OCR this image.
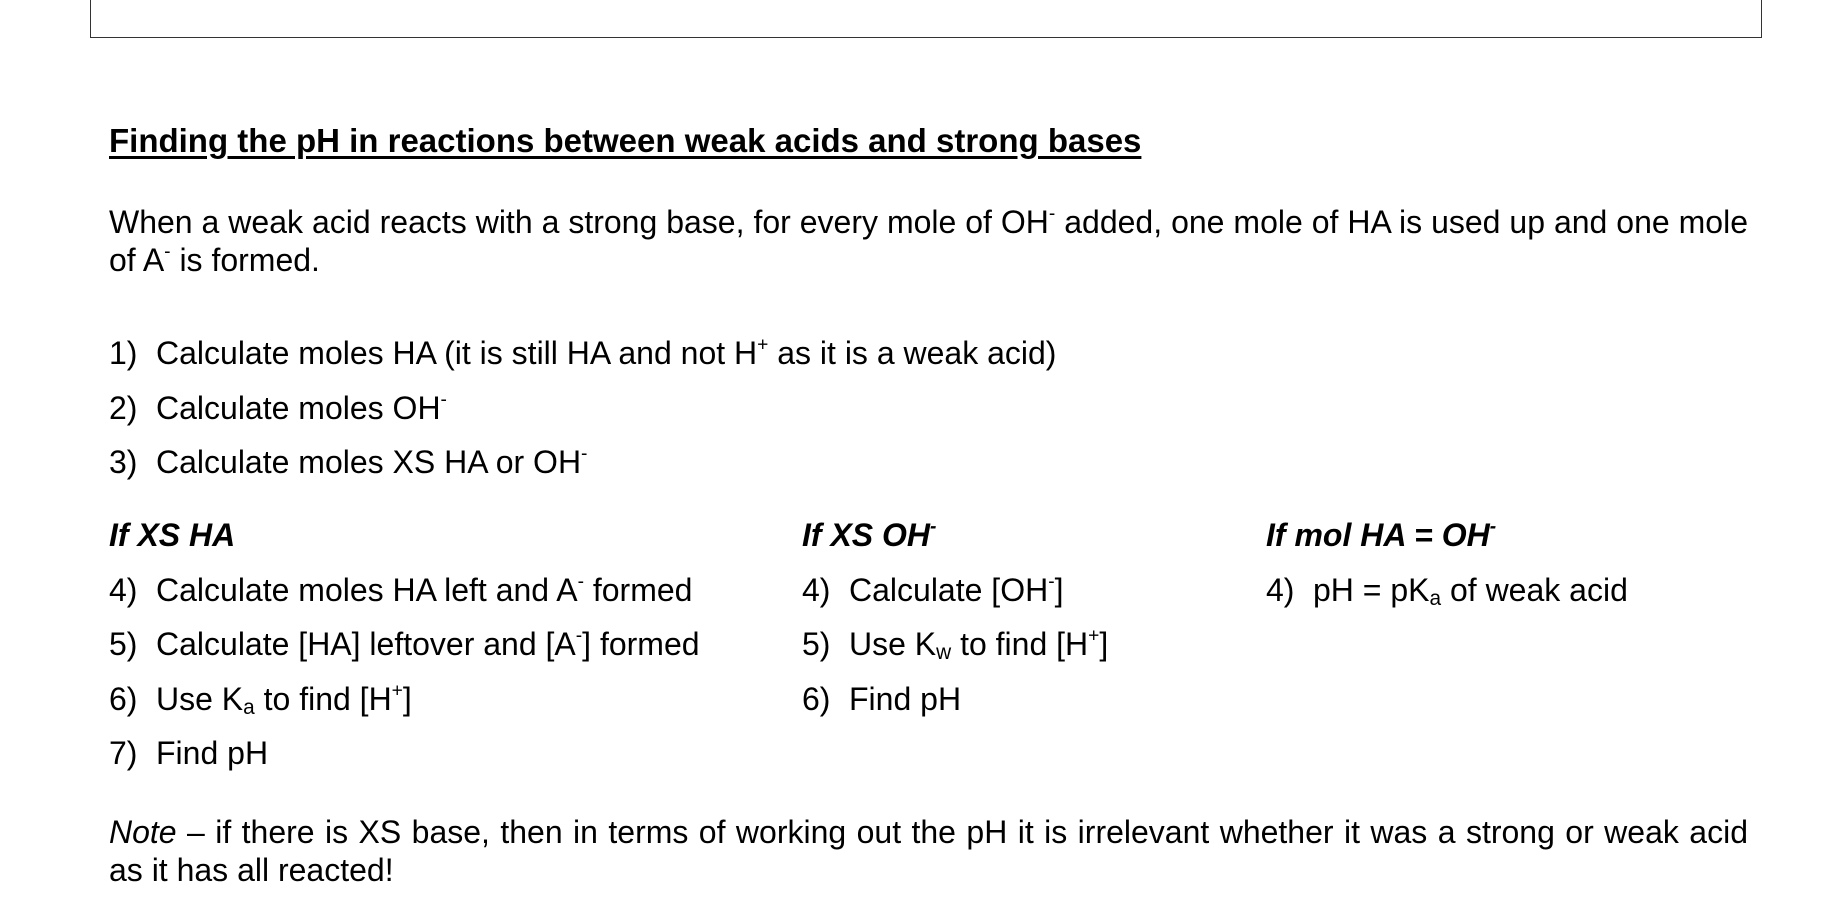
Finding the pH in reactions between weak acids and strong bases

When a weak acid reacts with a strong base, for every mole of OH- added, one mole of HA is used up and one mole of A- is formed.

1) Calculate moles HA (it is still HA and not H+ as it is a weak acid)
2) Calculate moles OH-
3) Calculate moles XS HA or OH-
If XS HA	If XS OH-	If mol HA = OH-
4) Calculate moles HA left and A- formed
5) Calculate [HA] leftover and [A-] formed
6) Use $K_a$ to find [H+]
7) Find pH
4) Calculate [OH-]
5) Use $K_w$ to find [H+]
6) Find pH
4) pH = $pK_a$ of weak acid

Note – if there is XS base, then in terms of working out the pH it is irrelevant whether it was a strong or weak acid as it has all reacted!
